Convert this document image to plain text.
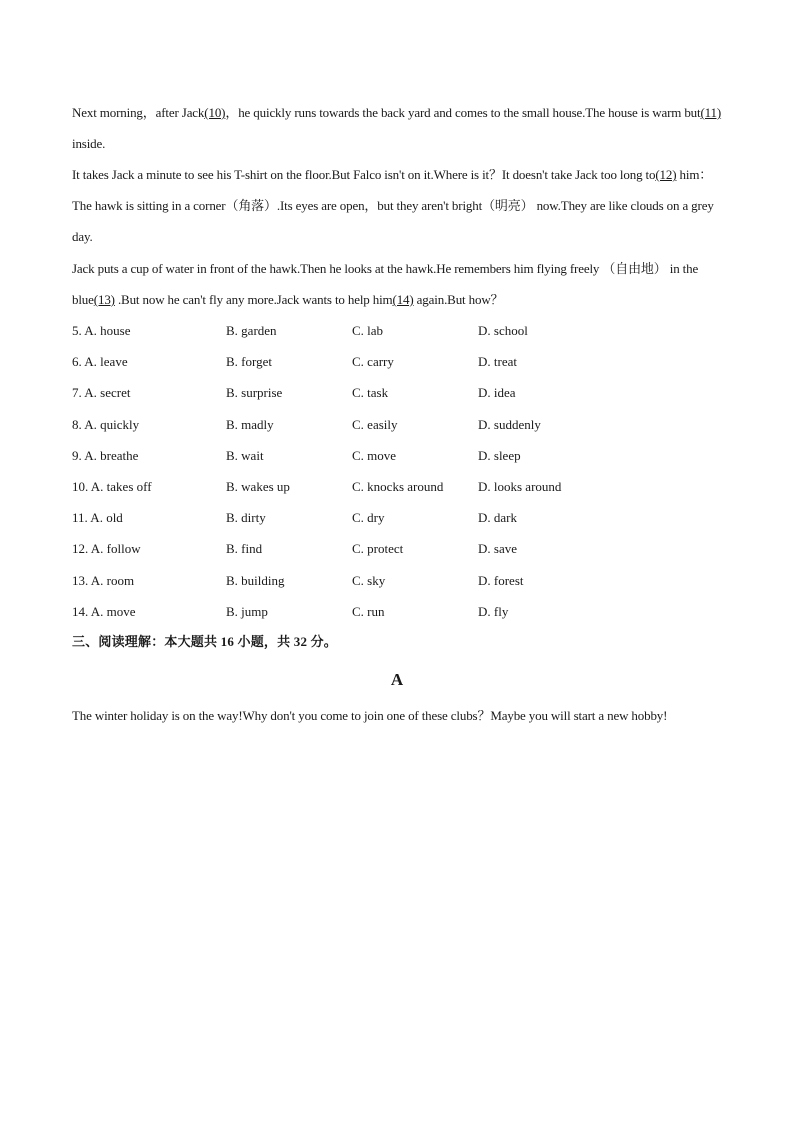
Next morning，after Jack(10)，he quickly runs towards the back yard and comes to the small house.The house is warm but(11) inside.
It takes Jack a minute to see his T-shirt on the floor.But Falco isn't on it.Where is it？It doesn't take Jack too long to(12) him：The hawk is sitting in a corner（角落）.Its eyes are open，but they aren't bright（明亮） now.They are like clouds on a grey day.
Jack puts a cup of water in front of the hawk.Then he looks at the hawk.He remembers him flying freely （自由地） in the blue(13) .But now he can't fly any more.Jack wants to help him(14) again.But how？
5. A. house	B. garden	C. lab	D. school
6. A. leave	B. forget	C. carry	D. treat
7. A. secret	B. surprise	C. task	D. idea
8. A. quickly	B. madly	C. easily	D. suddenly
9. A. breathe	B. wait	C. move	D. sleep
10. A. takes off	B. wakes up	C. knocks around	D. looks around
11. A. old	B. dirty	C. dry	D. dark
12. A. follow	B. find	C. protect	D. save
13. A. room	B. building	C. sky	D. forest
14. A. move	B. jump	C. run	D. fly
三、阅读理解：本大题共 16 小题，共 32 分。
A
The winter holiday is on the way!Why don't you come to join one of these clubs？Maybe you will start a new hobby!
